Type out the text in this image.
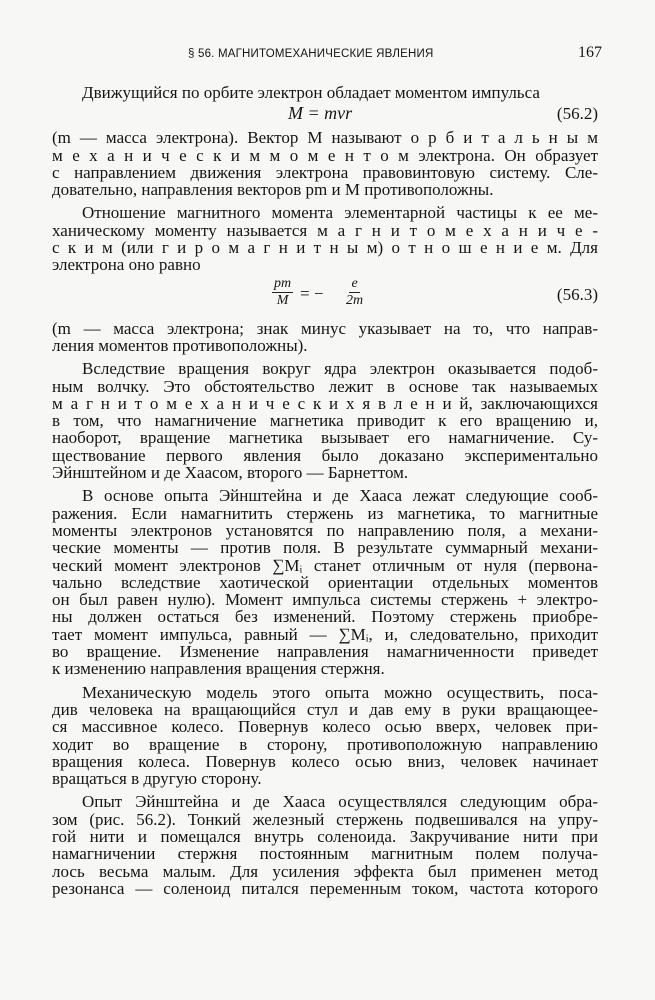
§ 56. МАГНИТОМЕХАНИЧЕСКИЕ ЯВЛЕНИЯ	167
Движущийся по орбите электрон обладает моментом импульса
M = mvr	(56.2)
(m — масса электрона). Вектор M называют о р б и т а л ь н ы м
м е х а н и ч е с к и м м о м е н т о м электрона. Он образует
с направлением движения электрона правовинтовую систему. Сле-
довательно, направления векторов pm и M противоположны.
Отношение магнитного момента элементарной частицы к ее ме-
ханическому моменту называется м а г н и т о м е х а н и ч е -
с к и м (или г и р о м а г н и т н ы м) о т н о ш е н и е м. Для
электрона оно равно
$\frac{pm}{M}$ = − $\frac{e}{2m}$	(56.3)
(m — масса электрона; знак минус указывает на то, что направ-
ления моментов противоположны).
Вследствие вращения вокруг ядра электрон оказывается подоб-
ным волчку. Это обстоятельство лежит в основе так называемых
м а г н и т о м е х а н и ч е с к и х я в л е н и й, заключающихся
в том, что намагничение магнетика приводит к его вращению и,
наоборот, вращение магнетика вызывает его намагничение. Су-
ществование первого явления было доказано экспериментально
Эйнштейном и де Хаасом, второго — Барнеттом.
В основе опыта Эйнштейна и де Хааса лежат следующие сооб-
ражения. Если намагнитить стержень из магнетика, то магнитные
моменты электронов установятся по направлению поля, а механи-
ческие моменты — против поля. В результате суммарный механи-
ческий момент электронов ∑Mᵢ станет отличным от нуля (первона-
чально вследствие хаотической ориентации отдельных моментов
он был равен нулю). Момент импульса системы стержень + электро-
ны должен остаться без изменений. Поэтому стержень приобре-
тает момент импульса, равный — ∑Mᵢ, и, следовательно, приходит
во вращение. Изменение направления намагниченности приведет
к изменению направления вращения стержня.
Механическую модель этого опыта можно осуществить, поса-
див человека на вращающийся стул и дав ему в руки вращающее-
ся массивное колесо. Повернув колесо осью вверх, человек при-
ходит во вращение в сторону, противоположную направлению
вращения колеса. Повернув колесо осью вниз, человек начинает
вращаться в другую сторону.
Опыт Эйнштейна и де Хааса осуществлялся следующим обра-
зом (рис. 56.2). Тонкий железный стержень подвешивался на упру-
гой нити и помещался внутрь соленоида. Закручивание нити при
намагничении стержня постоянным магнитным полем получа-
лось весьма малым. Для усиления эффекта был применен метод
резонанса — соленоид питался переменным током, частота которого
